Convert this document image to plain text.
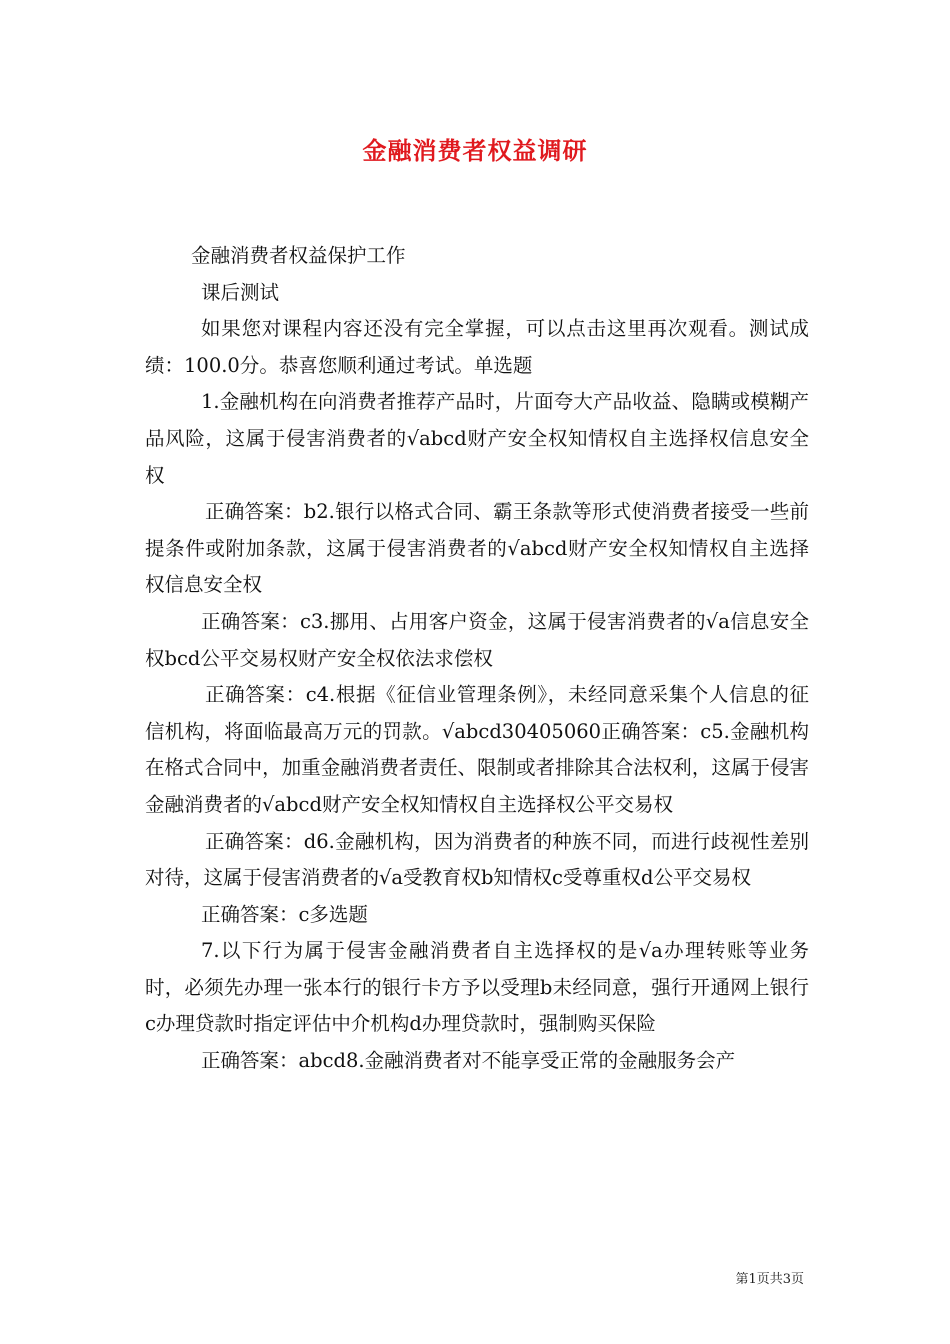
金融消费者权益调研

金融消费者权益保护工作

课后测试

如果您对课程内容还没有完全掌握，可以点击这里再次观看。测试成绩：100.0分。恭喜您顺利通过考试。单选题

1.金融机构在向消费者推荐产品时，片面夸大产品收益、隐瞒或模糊产品风险，这属于侵害消费者的√abcd财产安全权知情权自主选择权信息安全权

正确答案：b2.银行以格式合同、霸王条款等形式使消费者接受一些前提条件或附加条款，这属于侵害消费者的√abcd财产安全权知情权自主选择权信息安全权

正确答案：c3.挪用、占用客户资金，这属于侵害消费者的√a信息安全权bcd公平交易权财产安全权依法求偿权

正确答案：c4.根据《征信业管理条例》，未经同意采集个人信息的征信机构，将面临最高万元的罚款。√abcd30405060正确答案：c5.金融机构在格式合同中，加重金融消费者责任、限制或者排除其合法权利，这属于侵害金融消费者的√abcd财产安全权知情权自主选择权公平交易权

正确答案：d6.金融机构，因为消费者的种族不同，而进行歧视性差别对待，这属于侵害消费者的√a受教育权b知情权c受尊重权d公平交易权

正确答案：c多选题

7.以下行为属于侵害金融消费者自主选择权的是√a办理转账等业务时，必须先办理一张本行的银行卡方予以受理b未经同意，强行开通网上银行c办理贷款时指定评估中介机构d办理贷款时，强制购买保险

正确答案：abcd8.金融消费者对不能享受正常的金融服务会产

第1页共3页
